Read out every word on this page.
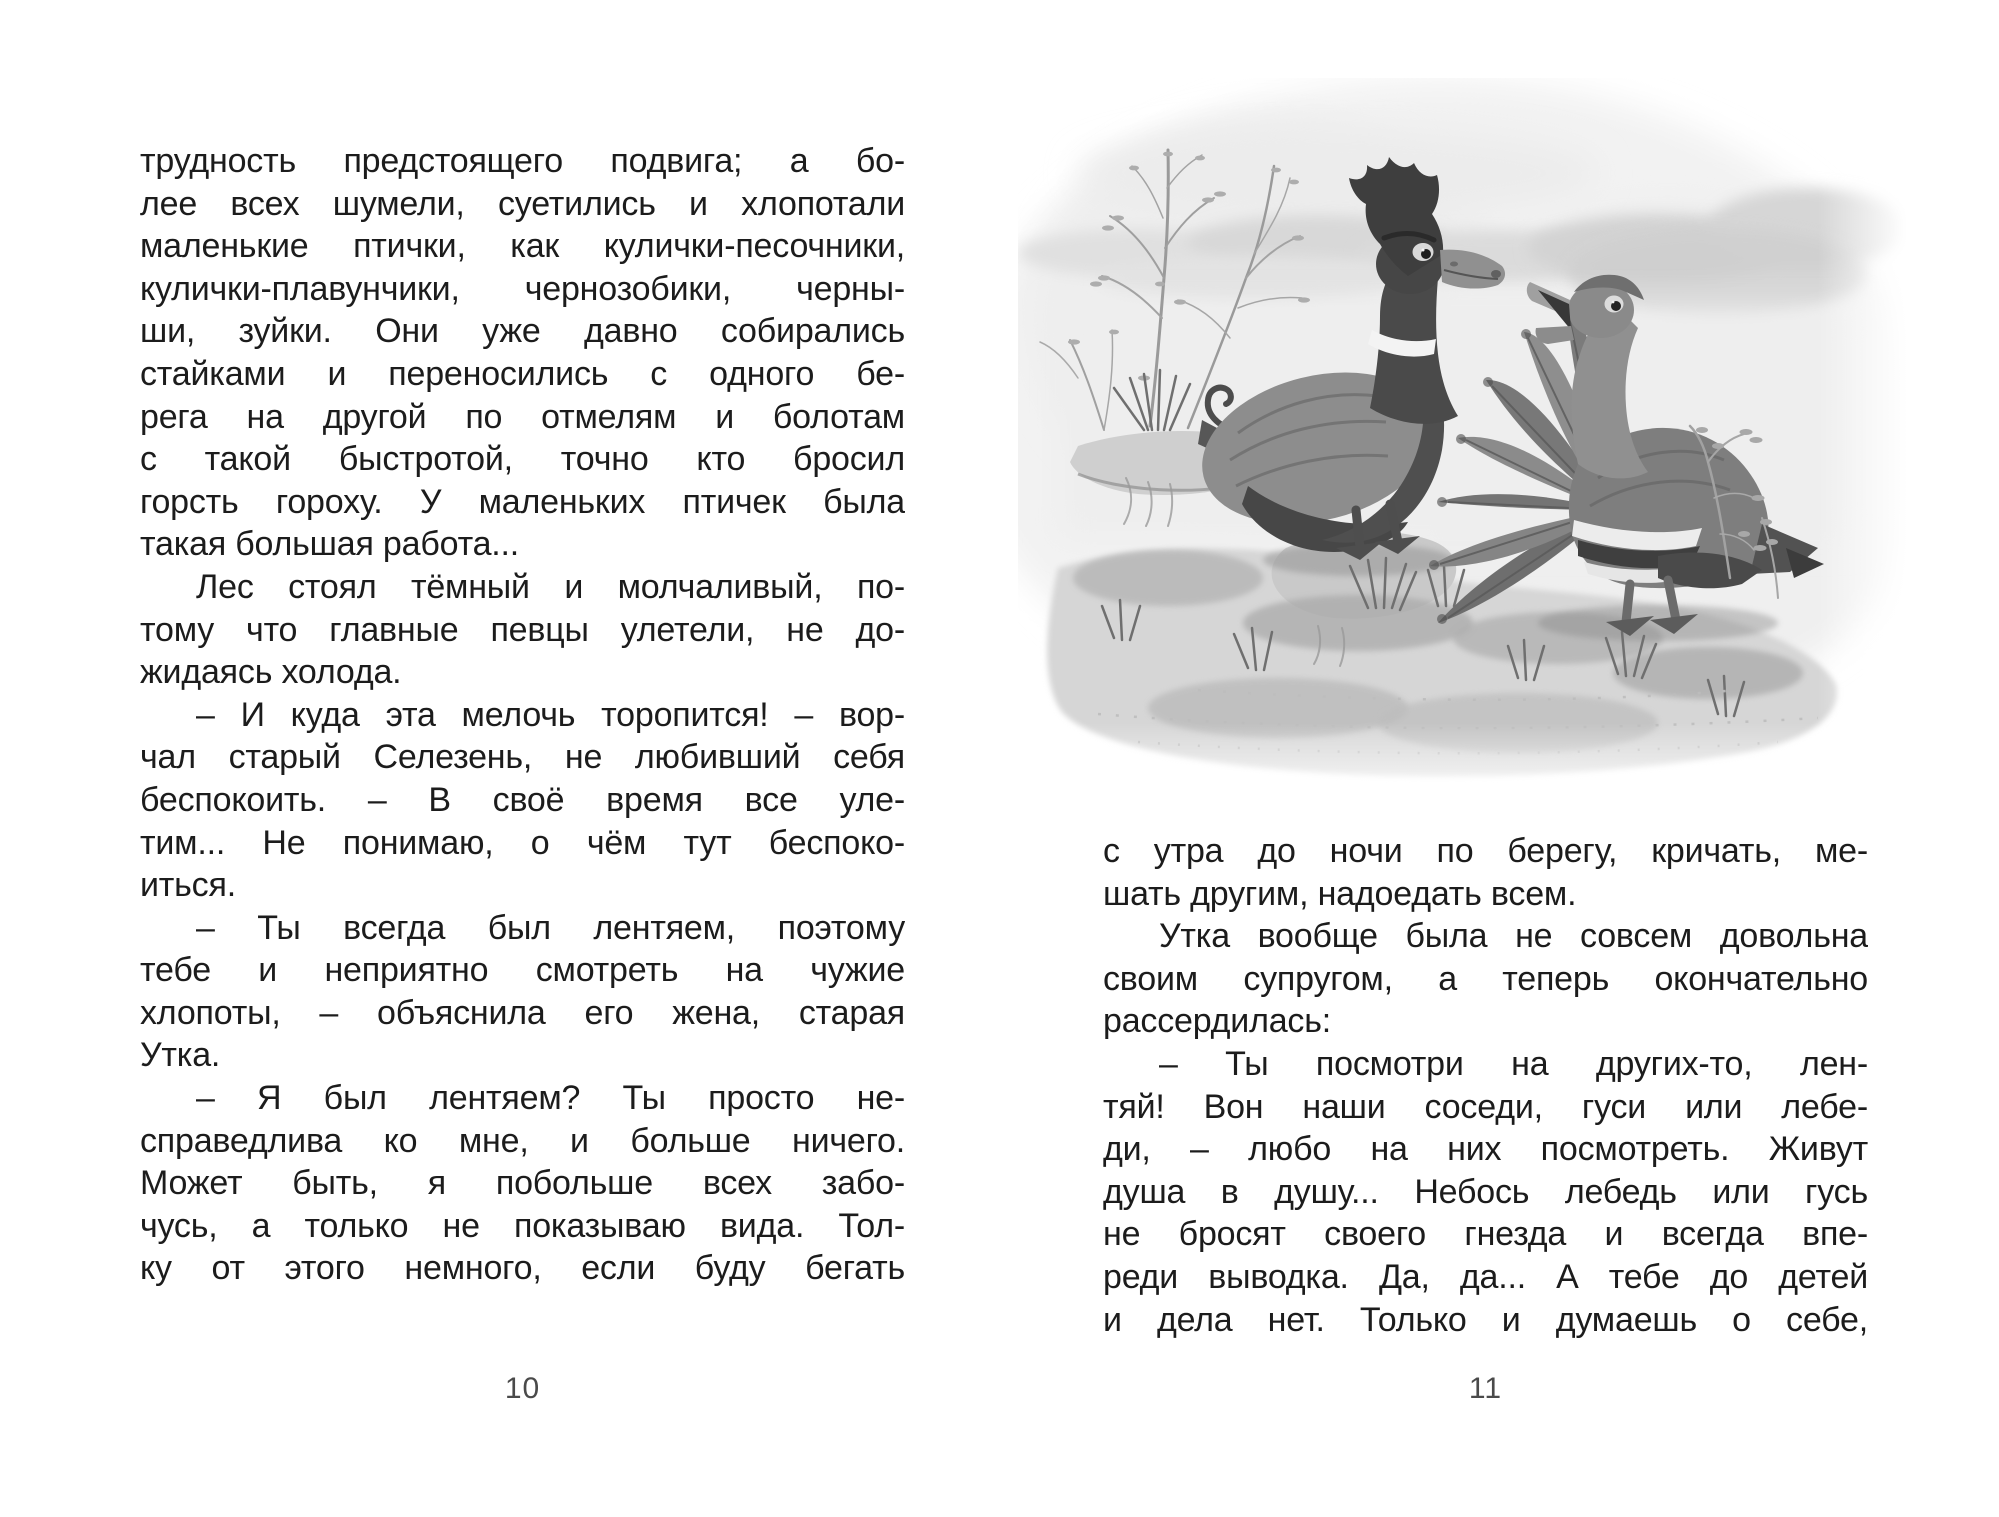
трудность предстоящего подвига; а бо-
лее всех шумели, суетились и хлопотали
маленькие птички, как кулички-песочники,
кулички-плавунчики, чернозобики, черны-
ши, зуйки. Они уже давно собирались
стайками и переносились с одного бе-
рега на другой по отмелям и болотам
с такой быстротой, точно кто бросил
горсть гороху. У маленьких птичек была
такая большая работа...
Лес стоял тёмный и молчаливый, по-
тому что главные певцы улетели, не до-
жидаясь холода.
– И куда эта мелочь торопится! – вор-
чал старый Селезень, не любивший себя
беспокоить. – В своё время все уле-
тим... Не понимаю, о чём тут беспоко-
иться.
– Ты всегда был лентяем, поэтому
тебе и неприятно смотреть на чужие
хлопоты, – объяснила его жена, старая
Утка.
– Я был лентяем? Ты просто не-
справедлива ко мне, и больше ничего.
Может быть, я побольше всех забо-
чусь, а только не показываю вида. Тол-
ку от этого немного, если буду бегать
с утра до ночи по берегу, кричать, ме-
шать другим, надоедать всем.
Утка вообще была не совсем довольна
своим супругом, а теперь окончательно
рассердилась:
– Ты посмотри на других-то, лен-
тяй! Вон наши соседи, гуси или лебе-
ди, – любо на них посмотреть. Живут
душа в душу... Небось лебедь или гусь
не бросят своего гнезда и всегда впе-
реди выводка. Да, да... А тебе до детей
и дела нет. Только и думаешь о себе,
10	11
